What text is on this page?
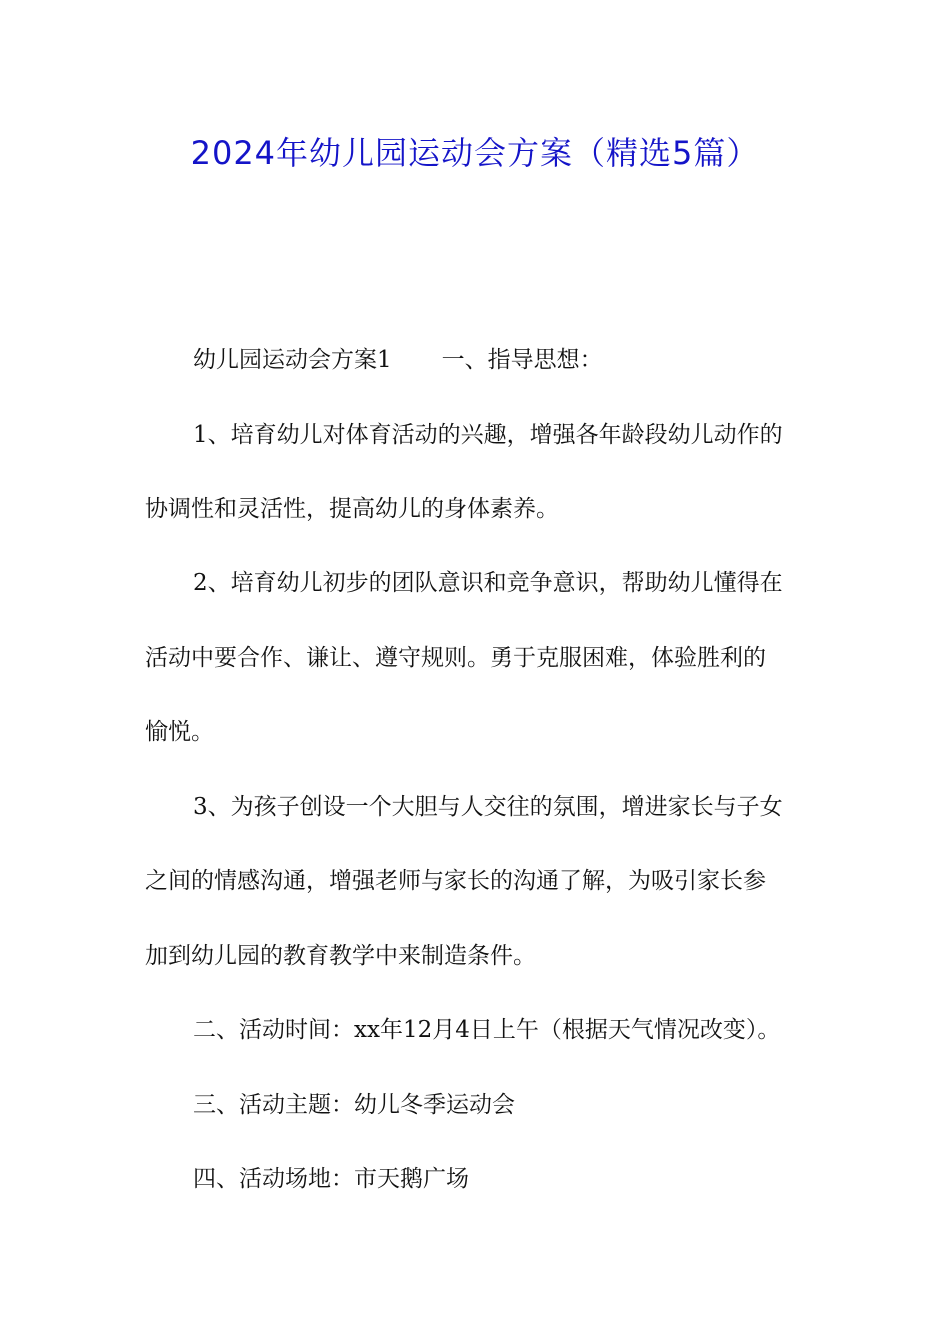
2024年幼儿园运动会方案（精选5篇）
幼儿园运动会方案1 一、指导思想：
1、培育幼儿对体育活动的兴趣，增强各年龄段幼儿动作的
协调性和灵活性，提高幼儿的身体素养。
2、培育幼儿初步的团队意识和竞争意识，帮助幼儿懂得在
活动中要合作、谦让、遵守规则。勇于克服困难，体验胜利的
愉悦。
3、为孩子创设一个大胆与人交往的氛围，增进家长与子女
之间的情感沟通，增强老师与家长的沟通了解，为吸引家长参
加到幼儿园的教育教学中来制造条件。
二、活动时间：xx年12月4日上午（根据天气情况改变）。
三、活动主题：幼儿冬季运动会
四、活动场地：市天鹅广场
